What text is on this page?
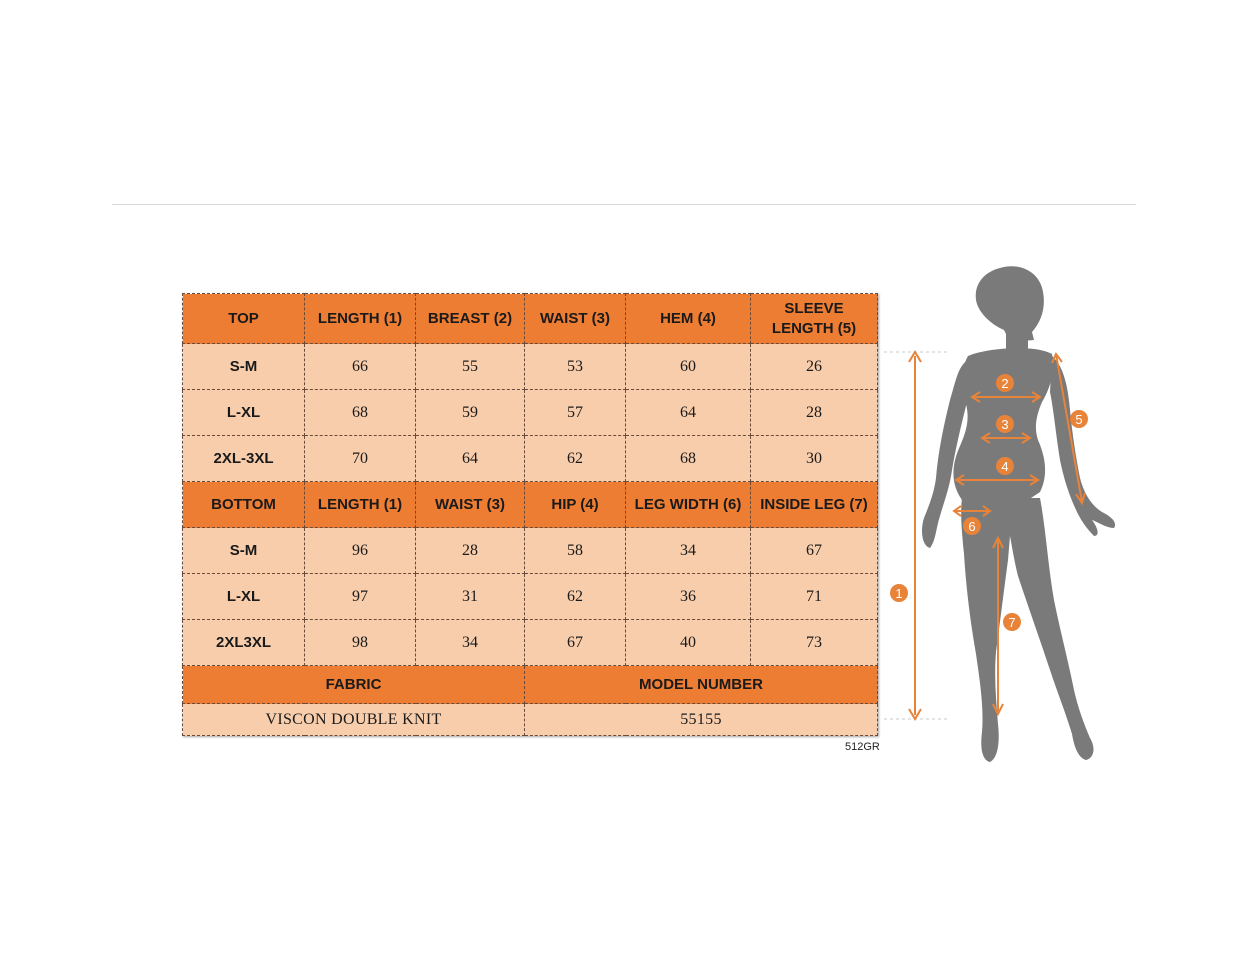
TOP	LENGTH (1)	BREAST (2)	WAIST (3)	HEM (4)	SLEEVE LENGTH (5)
S-M	66	55	53	60	26
L-XL	68	59	57	64	28
2XL-3XL	70	64	62	68	30
BOTTOM	LENGTH (1)	WAIST (3)	HIP (4)	LEG WIDTH (6)	INSIDE LEG (7)
S-M	96	28	58	34	67
L-XL	97	31	62	36	71
2XL3XL	98	34	67	40	73
FABRIC			MODEL NUMBER		
VISCON DOUBLE KNIT			55155		
512GR
1
2
3
4
5
6
7
